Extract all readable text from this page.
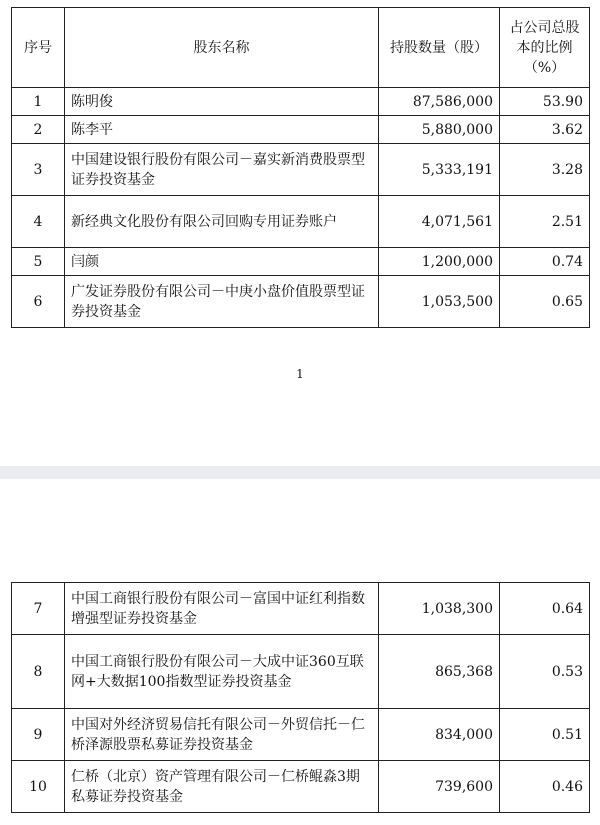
序号	股东名称	持股数量（股）	占公司总股本的比例（%）
1	陈明俊	87,586,000	53.90
2	陈李平	5,880,000	3.62
3	中国建设银行股份有限公司－嘉实新消费股票型证券投资基金	5,333,191	3.28
4	新经典文化股份有限公司回购专用证券账户	4,071,561	2.51
5	闫颜	1,200,000	0.74
6	广发证券股份有限公司－中庚小盘价值股票型证券投资基金	1,053,500	0.65
1
7	中国工商银行股份有限公司－富国中证红利指数增强型证券投资基金	1,038,300	0.64
8	中国工商银行股份有限公司－大成中证360互联网+大数据100指数型证券投资基金	865,368	0.53
9	中国对外经济贸易信托有限公司－外贸信托－仁桥泽源股票私募证券投资基金	834,000	0.51
10	仁桥（北京）资产管理有限公司－仁桥鲲淼3期私募证券投资基金	739,600	0.46
